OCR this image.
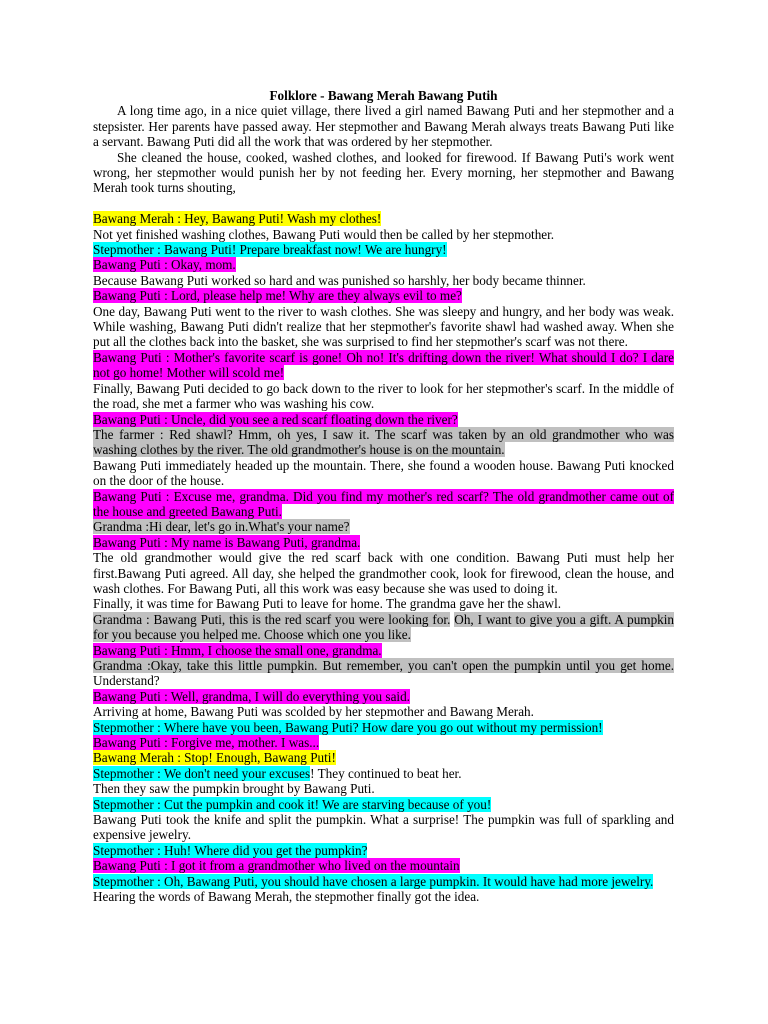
Folklore - Bawang Merah Bawang Putih

A long time ago, in a nice quiet village, there lived a girl named Bawang Puti and her stepmother and a stepsister. Her parents have passed away. Her stepmother and Bawang Merah always treats Bawang Puti like a servant. Bawang Puti did all the work that was ordered by her stepmother.

She cleaned the house, cooked, washed clothes, and looked for firewood. If Bawang Puti's work went wrong, her stepmother would punish her by not feeding her. Every morning, her stepmother and Bawang Merah took turns shouting,

Bawang Merah : Hey, Bawang Puti! Wash my clothes!

Not yet finished washing clothes, Bawang Puti would then be called by her stepmother.

Stepmother : Bawang Puti! Prepare breakfast now! We are hungry!

Bawang Puti : Okay, mom.

Because Bawang Puti worked so hard and was punished so harshly, her body became thinner.

Bawang Puti : Lord, please help me! Why are they always evil to me?

One day, Bawang Puti went to the river to wash clothes. She was sleepy and hungry, and her body was weak. While washing, Bawang Puti didn't realize that her stepmother's favorite shawl had washed away. When she put all the clothes back into the basket, she was surprised to find her stepmother's scarf was not there.

Bawang Puti : Mother's favorite scarf is gone! Oh no! It's drifting down the river! What should I do? I dare not go home! Mother will scold me!

Finally, Bawang Puti decided to go back down to the river to look for her stepmother's scarf. In the middle of the road, she met a farmer who was washing his cow.

Bawang Puti : Uncle, did you see a red scarf floating down the river?

The farmer : Red shawl? Hmm, oh yes, I saw it. The scarf was taken by an old grandmother who was washing clothes by the river. The old grandmother's house is on the mountain.

Bawang Puti immediately headed up the mountain. There, she found a wooden house. Bawang Puti knocked on the door of the house.

Bawang Puti : Excuse me, grandma. Did you find my mother's red scarf? The old grandmother came out of the house and greeted Bawang Puti.

Grandma :Hi dear, let's go in.What's your name?

Bawang Puti : My name is Bawang Puti, grandma.

The old grandmother would give the red scarf back with one condition. Bawang Puti must help her first.Bawang Puti agreed. All day, she helped the grandmother cook, look for firewood, clean the house, and wash clothes. For Bawang Puti, all this work was easy because she was used to doing it.

Finally, it was time for Bawang Puti to leave for home. The grandma gave her the shawl.

Grandma : Bawang Puti, this is the red scarf you were looking for. Oh, I want to give you a gift. A pumpkin for you because you helped me. Choose which one you like.

Bawang Puti : Hmm, I choose the small one, grandma.

Grandma :Okay, take this little pumpkin. But remember, you can't open the pumpkin until you get home. Understand?

Bawang Puti : Well, grandma, I will do everything you said.

Arriving at home, Bawang Puti was scolded by her stepmother and Bawang Merah.

Stepmother : Where have you been, Bawang Puti? How dare you go out without my permission!

Bawang Puti : Forgive me, mother. I was...

Bawang Merah : Stop! Enough, Bawang Puti!

Stepmother : We don't need your excuses! They continued to beat her.

Then they saw the pumpkin brought by Bawang Puti.

Stepmother : Cut the pumpkin and cook it! We are starving because of you!

Bawang Puti took the knife and split the pumpkin. What a surprise! The pumpkin was full of sparkling and expensive jewelry.

Stepmother : Huh! Where did you get the pumpkin?

Bawang Puti : I got it from a grandmother who lived on the mountain

Stepmother : Oh, Bawang Puti, you should have chosen a large pumpkin. It would have had more jewelry.

Hearing the words of Bawang Merah, the stepmother finally got the idea.
